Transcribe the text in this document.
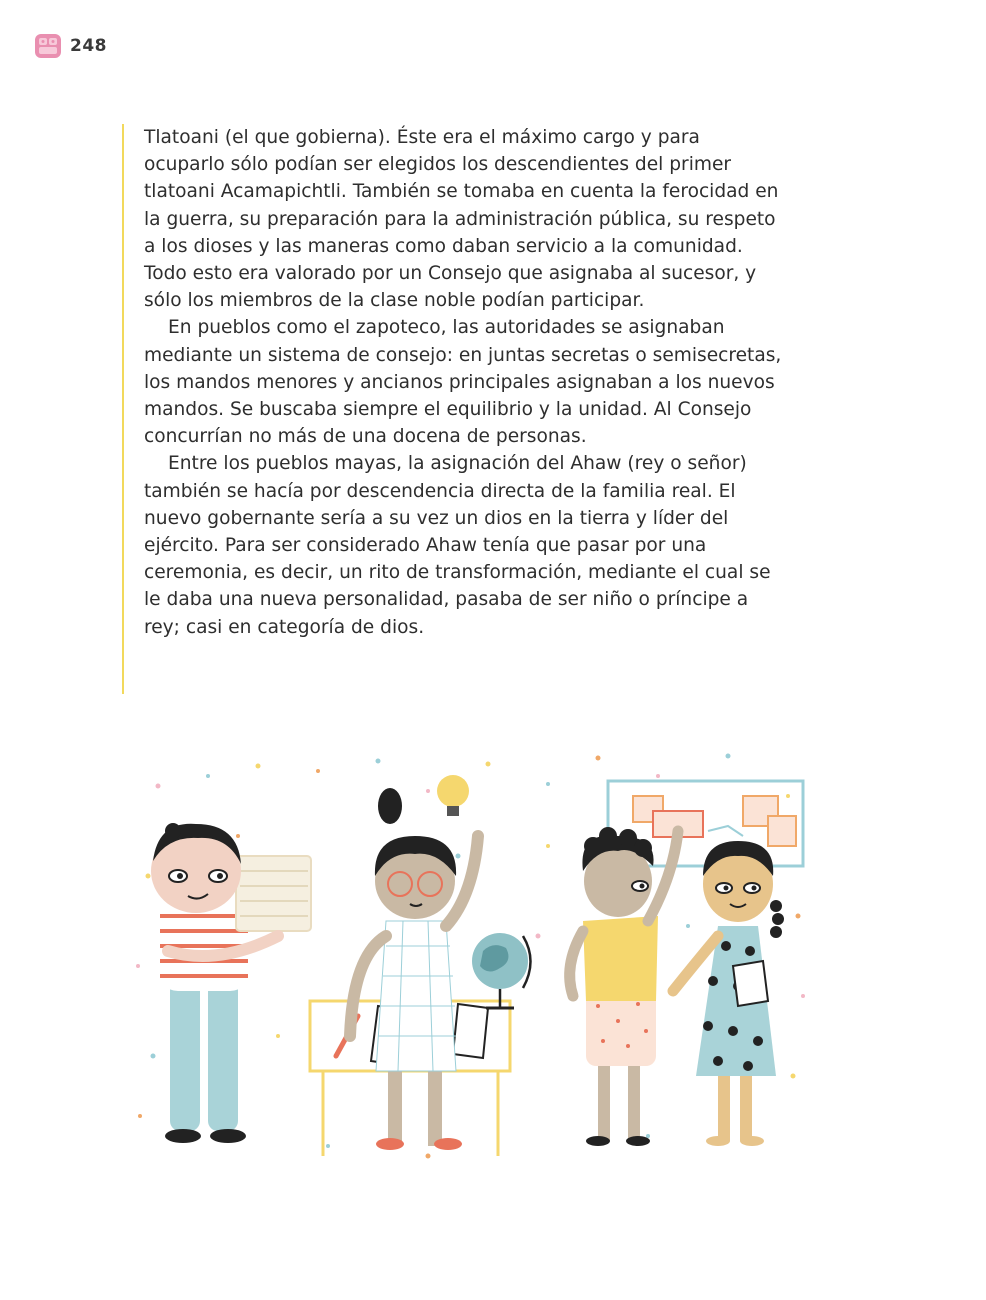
248

Tlatoani (el que gobierna). Éste era el máximo cargo y para ocuparlo sólo podían ser elegidos los descendientes del primer tlatoani Acamapichtli. También se tomaba en cuenta la ferocidad en la guerra, su preparación para la administración pública, su respeto a los dioses y las maneras como daban servicio a la comunidad. Todo esto era valorado por un Consejo que asignaba al sucesor, y sólo los miembros de la clase noble podían participar.

En pueblos como el zapoteco, las autoridades se asignaban mediante un sistema de consejo: en juntas secretas o semisecretas, los mandos menores y ancianos principales asignaban a los nuevos mandos. Se buscaba siempre el equilibrio y la unidad. Al Consejo concurrían no más de una docena de personas.

Entre los pueblos mayas, la asignación del Ahaw (rey o señor) también se hacía por descendencia directa de la familia real. El nuevo gobernante sería a su vez un dios en la tierra y líder del ejército. Para ser considerado Ahaw tenía que pasar por una ceremonia, es decir, un rito de transformación, mediante el cual se le daba una nueva personalidad, pasaba de ser niño o príncipe a rey; casi en categoría de dios.
